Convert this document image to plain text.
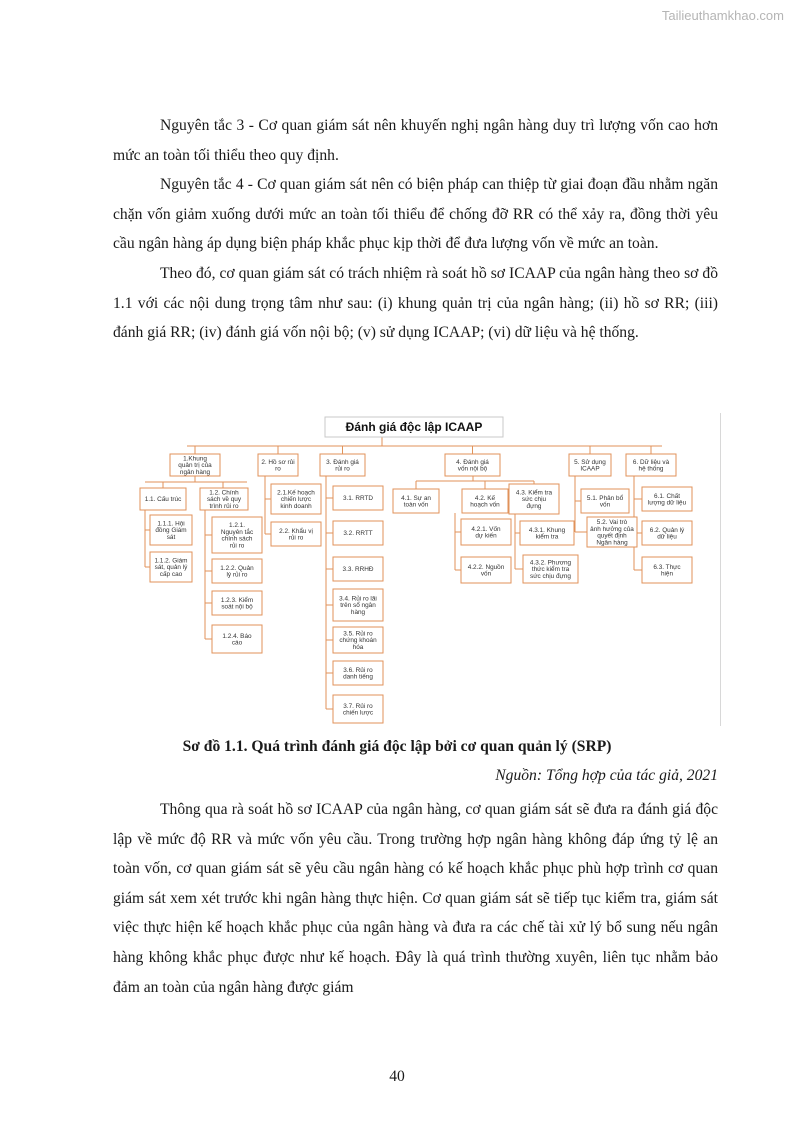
Tailieuthamkhao.com

Nguyên tắc 3 - Cơ quan giám sát nên khuyến nghị ngân hàng duy trì lượng vốn cao hơn mức an toàn tối thiểu theo quy định.

Nguyên tắc 4 - Cơ quan giám sát nên có biện pháp can thiệp từ giai đoạn đầu nhằm ngăn chặn vốn giảm xuống dưới mức an toàn tối thiểu để chống đỡ RR có thể xảy ra, đồng thời yêu cầu ngân hàng áp dụng biện pháp khắc phục kịp thời để đưa lượng vốn về mức an toàn.

Theo đó, cơ quan giám sát có trách nhiệm rà soát hồ sơ ICAAP của ngân hàng theo sơ đồ 1.1 với các nội dung trọng tâm như sau: (i) khung quản trị của ngân hàng; (ii) hồ sơ RR; (iii) đánh giá RR; (iv) đánh giá vốn nội bộ; (v) sử dụng ICAAP; (vi) dữ liệu và hệ thống.

Đánh giá độc lập ICAAP
1.Khung quản trị của ngân hàng
2. Hồ sơ rủi ro
3. Đánh giá rủi ro
4. Đánh giá vốn nội bộ
5. Sử dụng ICAAP
6. Dữ liệu và hệ thống
1.1. Cấu trúc
1.1.1. Hội đồng Giám sát
1.1.2. Giám sát, quản lý cấp cao
1.2. Chính sách về quy trình rủi ro
1.2.1. Nguyên tắc chính sách rủi ro
1.2.2. Quản lý rủi ro
1.2.3. Kiểm soát nội bộ
1.2.4. Báo cáo
2.1.Kế hoạch chiến lược kinh doanh
2.2. Khẩu vị rủi ro
3.1. RRTD
3.2. RRTT
3.3. RRHĐ
3.4. Rủi ro lãi trên sổ ngân hàng
3.5. Rủi ro chứng khoán hóa
3.6. Rủi ro danh tiếng
3.7. Rủi ro chiến lược
4.1. Sự an toàn vốn
4.2. Kế hoạch vốn
4.2.1. Vốn dự kiến
4.2.2. Nguồn vốn
4.3. Kiểm tra sức chịu đựng
4.3.1. Khung kiểm tra
4.3.2. Phương thức kiểm tra sức chịu đựng
5.1. Phân bổ vốn
5.2. Vai trò ảnh hưởng của quyết định Ngân hàng
6.1. Chất lượng dữ liệu
6.2. Quản lý dữ liệu
6.3. Thực hiện
Sơ đồ 1.1. Quá trình đánh giá độc lập bởi cơ quan quản lý (SRP)
Nguồn: Tổng hợp của tác giả, 2021

Thông qua rà soát hồ sơ ICAAP của ngân hàng, cơ quan giám sát sẽ đưa ra đánh giá độc lập về mức độ RR và mức vốn yêu cầu. Trong trường hợp ngân hàng không đáp ứng tỷ lệ an toàn vốn, cơ quan giám sát sẽ yêu cầu ngân hàng có kế hoạch khắc phục phù hợp trình cơ quan giám sát xem xét trước khi ngân hàng thực hiện. Cơ quan giám sát sẽ tiếp tục kiểm tra, giám sát việc thực hiện kế hoạch khắc phục của ngân hàng và đưa ra các chế tài xử lý bổ sung nếu ngân hàng không khắc phục được như kế hoạch. Đây là quá trình thường xuyên, liên tục nhằm bảo đảm an toàn của ngân hàng được giám

40
